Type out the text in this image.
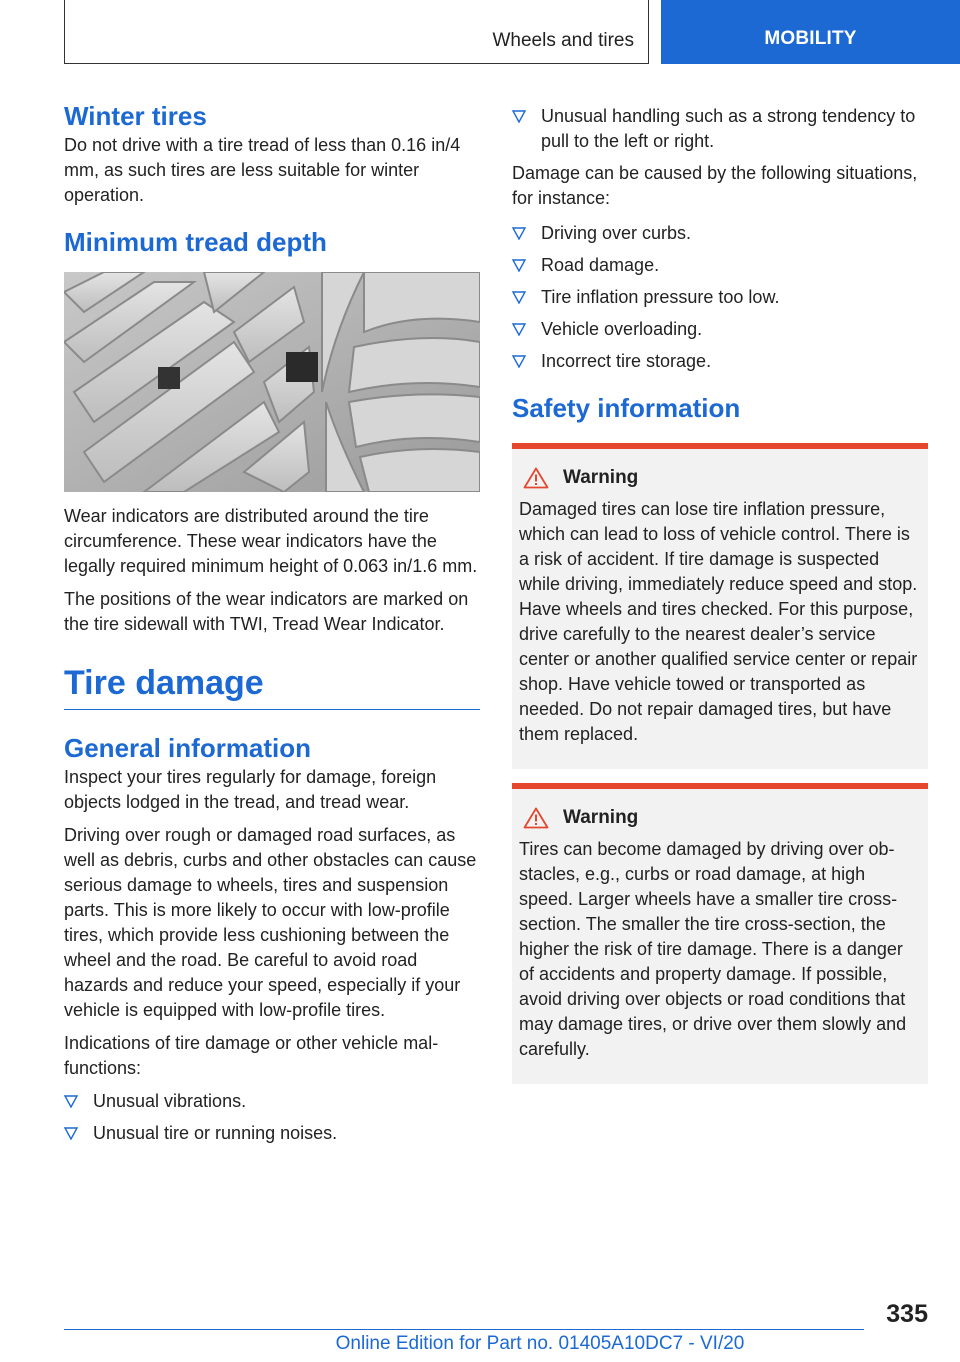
Wheels and tires	MOBILITY
Winter tires

Do not drive with a tire tread of less than 0.16 in/4 mm, as such tires are less suitable for winter operation.

Minimum tread depth

Wear indicators are distributed around the tire circumference. These wear indicators have the legally required minimum height of 0.063 in/1.6 mm.

The positions of the wear indicators are marked on the tire sidewall with TWI, Tread Wear Indicator.

Tire damage
General information

Inspect your tires regularly for damage, foreign objects lodged in the tread, and tread wear.

Driving over rough or damaged road surfaces, as well as debris, curbs and other obstacles can cause serious damage to wheels, tires and suspension parts. This is more likely to occur with low-profile tires, which provide less cushioning between the wheel and the road. Be careful to avoid road hazards and reduce your speed, especially if your vehicle is equipped with low-profile tires.

Indications of tire damage or other vehicle malfunctions:

Unusual vibrations.
Unusual tire or running noises.
Unusual handling such as a strong tendency to pull to the left or right.

Damage can be caused by the following situations, for instance:

Driving over curbs.
Road damage.
Tire inflation pressure too low.
Vehicle overloading.
Incorrect tire storage.
Safety information
Warning

Damaged tires can lose tire inflation pressure, which can lead to loss of vehicle control. There is a risk of accident. If tire damage is suspected while driving, immediately reduce speed and stop. Have wheels and tires checked. For this purpose, drive carefully to the nearest dealer’s service center or another qualified service center or repair shop. Have vehicle towed or transported as needed. Do not repair damaged tires, but have them replaced.

Warning

Tires can become damaged by driving over obstacles, e.g., curbs or road damage, at high speed. Larger wheels have a smaller tire cross-section. The smaller the tire cross-section, the higher the risk of tire damage. There is a danger of accidents and property damage. If possible, avoid driving over objects or road conditions that may damage tires, or drive over them slowly and carefully.

335
Online Edition for Part no. 01405A10DC7 - VI/20
